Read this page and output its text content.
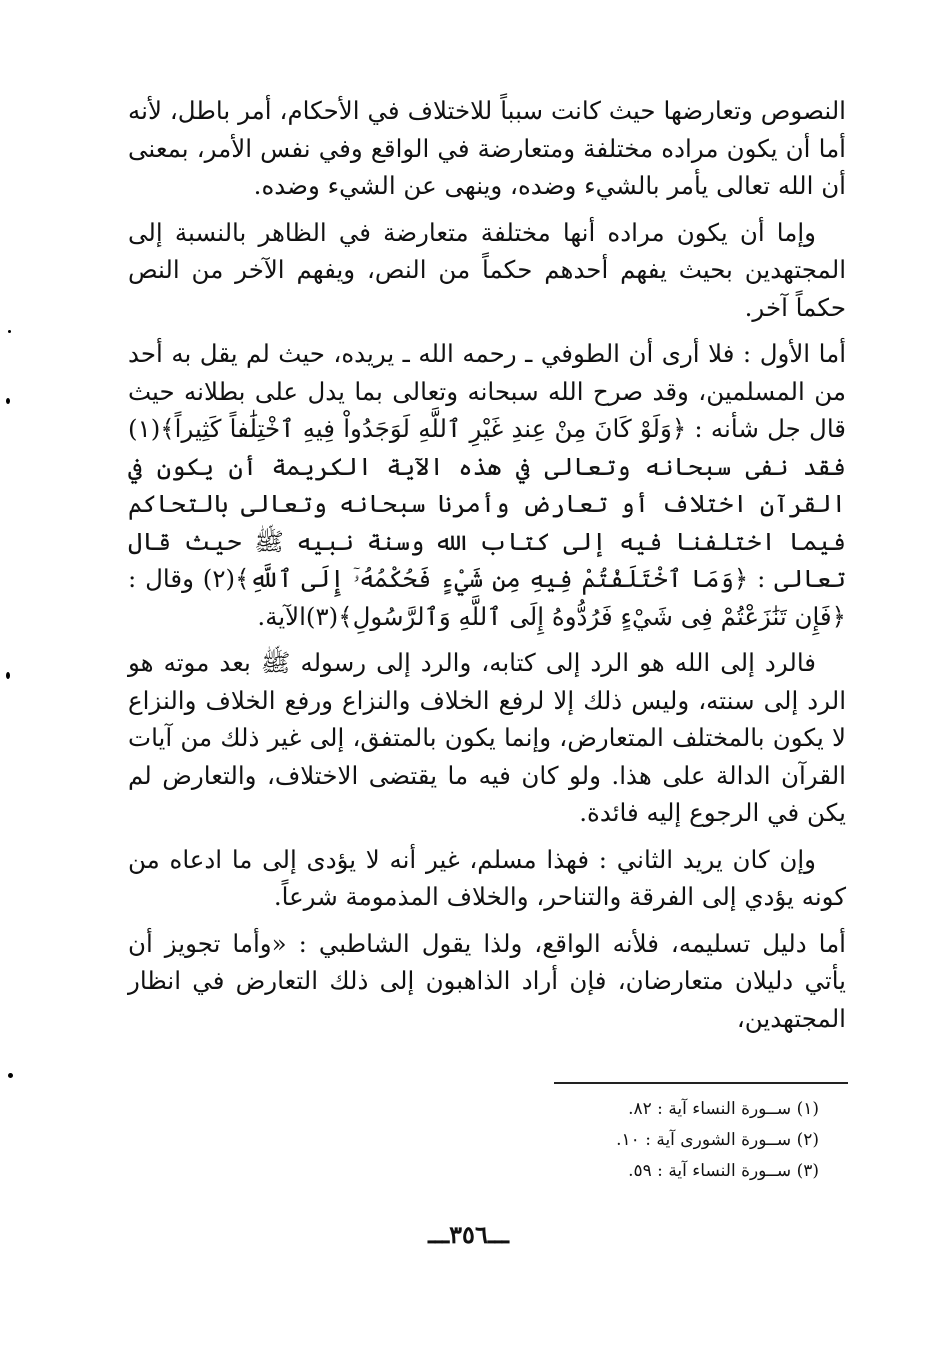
النصوص وتعارضها حيث كانت سبباً للاختلاف في الأحكام، أمر باطل، لأنه أما أن يكون مراده مختلفة ومتعارضة في الواقع وفي نفس الأمر، بمعنى أن الله تعالى يأمر بالشيء وضده، وينهى عن الشيء وضده.

وإما أن يكون مراده أنها مختلفة متعارضة في الظاهر بالنسبة إلى المجتهدين بحيث يفهم أحدهم حكماً من النص، ويفهم الآخر من النص حكماً آخر.

أما الأول : فلا أرى أن الطوفي ـ رحمه الله ـ يريده، حيث لم يقل به أحد من المسلمين، وقد صرح الله سبحانه وتعالى بما يدل على بطلانه حيث قال جل شأنه : ﴿وَلَوْ كَانَ مِنْ عِندِ غَيْرِ ٱللَّهِ لَوَجَدُواْ فِيهِ ٱخْتِلَٰفاً كَثِيراً﴾(١) فقد نفى سبحانه وتعالى في هذه الآية الكريمة أن يكون في القرآن اختلاف أو تعارض وأمرنا سبحانه وتعالى بالتحاكم فيما اختلفنا فيه إلى كتاب الله وسنة نبيه ﷺ حيث قال تعالى : ﴿وَمَا ٱخْتَلَفْتُمْ فِيهِ مِن شَيْءٍ فَحُكْمُهُۥٓ إِلَى ٱللَّهِ﴾(٢) وقال : ﴿فَإِن تَنَٰزَعْتُمْ فِى شَيْءٍ فَرُدُّوهُ إِلَى ٱللَّهِ وَٱلرَّسُولِ﴾(٣)الآية.

فالرد إلى الله هو الرد إلى كتابه، والرد إلى رسوله ﷺ بعد موته هو الرد إلى سنته، وليس ذلك إلا لرفع الخلاف والنزاع ورفع الخلاف والنزاع لا يكون بالمختلف المتعارض، وإنما يكون بالمتفق، إلى غير ذلك من آيات القرآن الدالة على هذا. ولو كان فيه ما يقتضى الاختلاف، والتعارض لم يكن في الرجوع إليه فائدة.

وإن كان يريد الثاني : فهذا مسلم، غير أنه لا يؤدى إلى ما ادعاه من كونه يؤدي إلى الفرقة والتناحر، والخلاف المذمومة شرعاً.

أما دليل تسليمه، فلأنه الواقع، ولذا يقول الشاطبي : «وأما تجويز أن يأتي دليلان متعارضان، فإن أراد الذاهبون إلى ذلك التعارض في انظار المجتهدين،

(١) ســورة النساء آية : ٨٢.
(٢) ســورة الشورى آية : ١٠.
(٣) ســورة النساء آية : ٥٩.
ـــ٣٥٦ـــ
